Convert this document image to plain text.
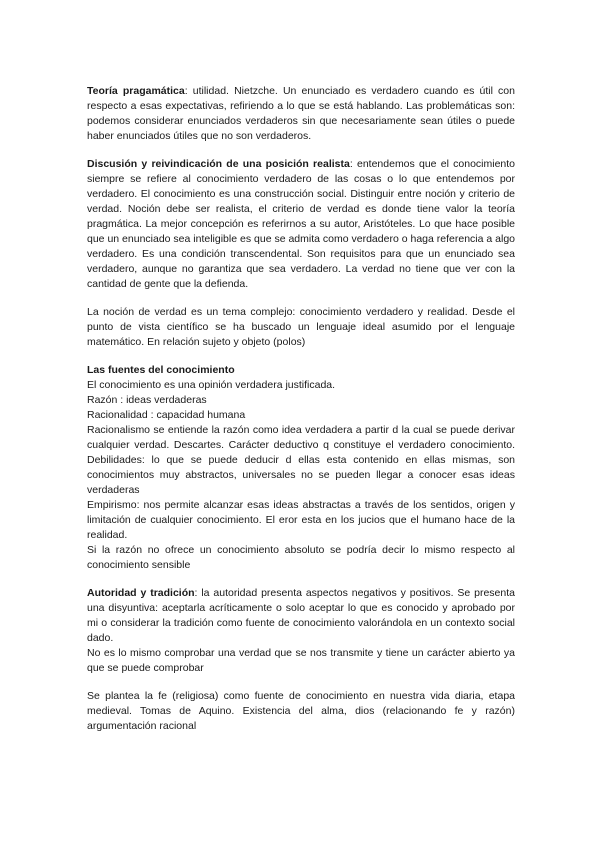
Teoría pragamática: utilidad. Nietzche. Un enunciado es verdadero cuando es útil con respecto a esas expectativas, refiriendo a lo que se está hablando. Las problemáticas son: podemos considerar enunciados verdaderos sin que necesariamente sean útiles o puede haber enunciados útiles que no son verdaderos.

Discusión y reivindicación de una posición realista: entendemos que el conocimiento siempre se refiere al conocimiento verdadero de las cosas o lo que entendemos por verdadero. El conocimiento es una construcción social. Distinguir entre noción y criterio de verdad. Noción debe ser realista, el criterio de verdad es donde tiene valor la teoría pragmática. La mejor concepción es referirnos a su autor, Aristóteles. Lo que hace posible que un enunciado sea inteligible es que se admita como verdadero o haga referencia a algo verdadero. Es una condición transcendental. Son requisitos para que un enunciado sea verdadero, aunque no garantiza que sea verdadero. La verdad no tiene que ver con la cantidad de gente que la defienda.

La noción de verdad es un tema complejo: conocimiento verdadero y realidad. Desde el punto de vista científico se ha buscado un lenguaje ideal asumido por el lenguaje matemático. En relación sujeto y objeto (polos)

Las fuentes del conocimiento
El conocimiento es una opinión verdadera justificada.
Razón : ideas verdaderas
Racionalidad : capacidad humana
Racionalismo se entiende la razón como idea verdadera a partir d la cual se puede derivar cualquier verdad. Descartes. Carácter deductivo q constituye el verdadero conocimiento. Debilidades: lo que se puede deducir d ellas esta contenido en ellas mismas, son conocimientos muy abstractos, universales no se pueden llegar a conocer esas ideas verdaderas
Empirismo: nos permite alcanzar esas ideas abstractas a través de los sentidos, origen y limitación de cualquier conocimiento. El eror esta en los jucios que el humano hace de la realidad.
Si la razón no ofrece un conocimiento absoluto se podría decir lo mismo respecto al conocimiento sensible
Autoridad y tradición: la autoridad presenta aspectos negativos y positivos. Se presenta una disyuntiva: aceptarla acríticamente o solo aceptar lo que es conocido y aprobado por mi o considerar la tradición como fuente de conocimiento valorándola en un contexto social dado.
No es lo mismo comprobar una verdad que se nos transmite y tiene un carácter abierto ya que se puede comprobar

Se plantea la fe (religiosa) como fuente de conocimiento en nuestra vida diaria, etapa medieval. Tomas de Aquino. Existencia del alma, dios (relacionando fe y razón) argumentación racional
